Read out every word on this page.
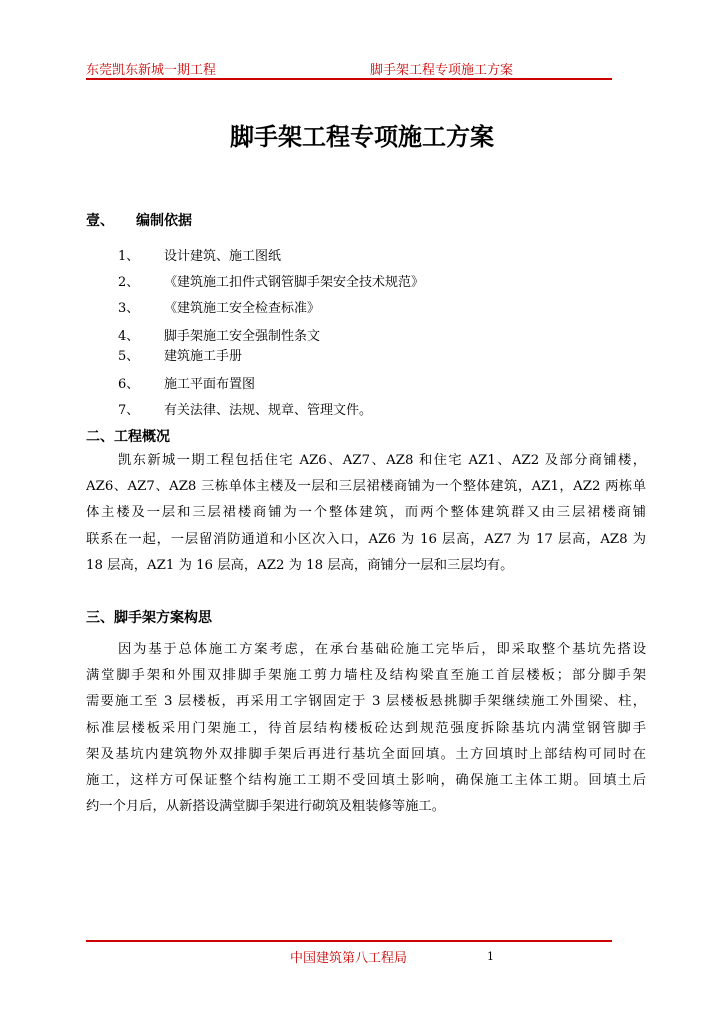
东莞凯东新城一期工程	脚手架工程专项施工方案
脚手架工程专项施工方案
壹、 编制依据
1、 设计建筑、施工图纸
2、 《建筑施工扣件式钢管脚手架安全技术规范》
3、 《建筑施工安全检查标准》
4、 脚手架施工安全强制性条文
5、 建筑施工手册
6、 施工平面布置图
7、 有关法律、法规、规章、管理文件。
二、工程概况
凯东新城一期工程包括住宅 AZ6、AZ7、AZ8 和住宅 AZ1、AZ2 及部分商铺楼，
AZ6、AZ7、AZ8 三栋单体主楼及一层和三层裙楼商铺为一个整体建筑，AZ1，AZ2 两栋单
体主楼及一层和三层裙楼商铺为一个整体建筑，而两个整体建筑群又由三层裙楼商铺
联系在一起，一层留消防通道和小区次入口，AZ6 为 16 层高，AZ7 为 17 层高，AZ8 为
18 层高，AZ1 为 16 层高，AZ2 为 18 层高，商铺分一层和三层均有。
三、脚手架方案构思
因为基于总体施工方案考虑，在承台基础砼施工完毕后，即采取整个基坑先搭设
满堂脚手架和外围双排脚手架施工剪力墙柱及结构梁直至施工首层楼板；部分脚手架
需要施工至 3 层楼板，再采用工字钢固定于 3 层楼板悬挑脚手架继续施工外围梁、柱，
标准层楼板采用门架施工，待首层结构楼板砼达到规范强度拆除基坑内满堂钢管脚手
架及基坑内建筑物外双排脚手架后再进行基坑全面回填。土方回填时上部结构可同时在
施工，这样方可保证整个结构施工工期不受回填土影响，确保施工主体工期。回填土后
约一个月后，从新搭设满堂脚手架进行砌筑及粗装修等施工。
中国建筑第八工程局	1
